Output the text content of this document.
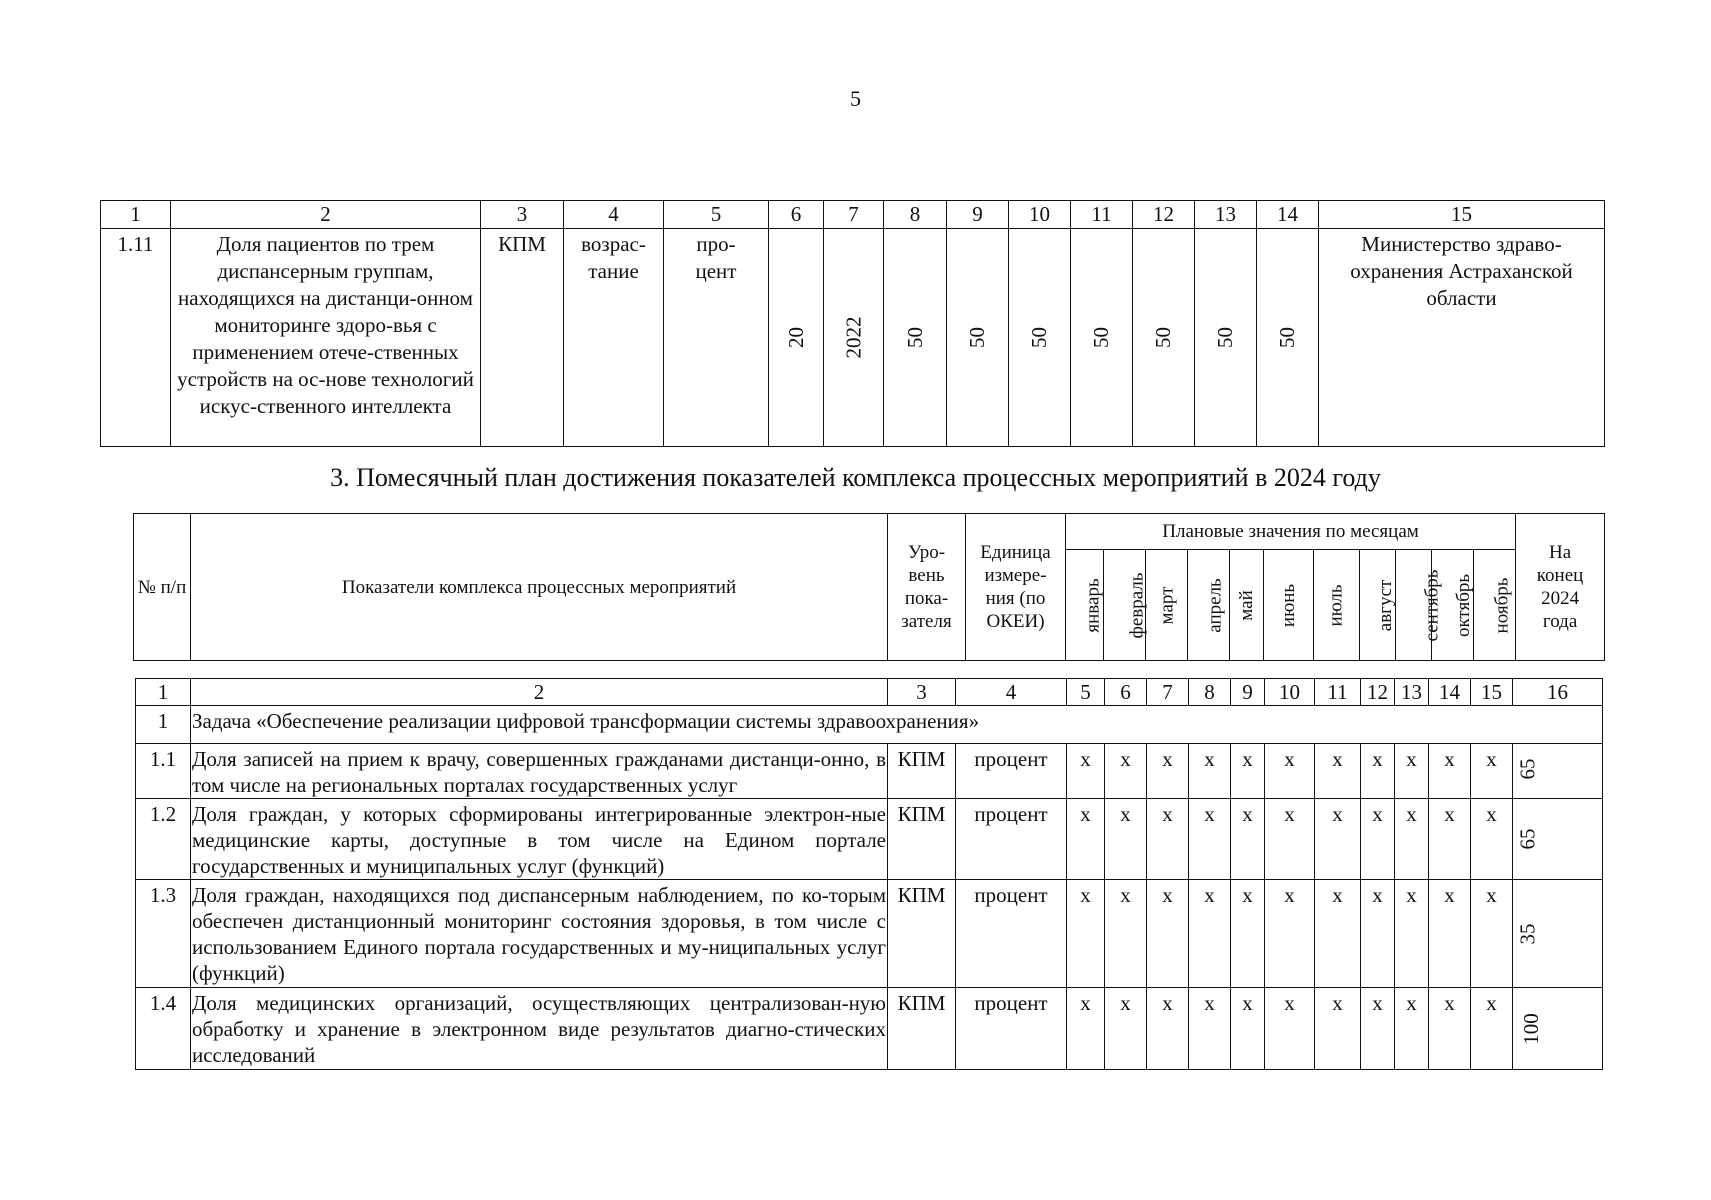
5
1	2	3	4	5	6	7	8	9	10	11	12	13	14	15
1.11	Доля пациентов по трем диспансерным группам, находящихся на дистанци-онном мониторинге здоро-вья с применением отече-ственных устройств на ос-нове технологий искус-ственного интеллекта	КПМ	возрас-тание	про-цент	20	2022	50	50	50	50	50	50	50	Министерство здраво-охранения Астраханской области
3. Помесячный план достижения показателей комплекса процессных мероприятий в 2024 году
№ п/п	Показатели комплекса процессных мероприятий	Уро-вень пока-зателя	Единица измере-ния (по ОКЕИ)	Плановые значения по месяцам											На конец 2024 года
				январь	февраль	март	апрель	май	июнь	июль	август	сентябрь	октябрь	ноябрь	
1	2	3	4	5	6	7	8	9	10	11	12	13	14	15	16
1	Задача «Обеспечение реализации цифровой трансформации системы здравоохранения»														
1.1	Доля записей на прием к врачу, совершенных гражданами дистанци-онно, в том числе на региональных порталах государственных услуг	КПМ	процент	x	x	x	x	x	x	x	x	x	x	x	65
1.2	Доля граждан, у которых сформированы интегрированные электрон-ные медицинские карты, доступные в том числе на Едином портале государственных и муниципальных услуг (функций)	КПМ	процент	x	x	x	x	x	x	x	x	x	x	x	65
1.3	Доля граждан, находящихся под диспансерным наблюдением, по ко-торым обеспечен дистанционный мониторинг состояния здоровья, в том числе с использованием Единого портала государственных и му-ниципальных услуг (функций)	КПМ	процент	x	x	x	x	x	x	x	x	x	x	x	35
1.4	Доля медицинских организаций, осуществляющих централизован-ную обработку и хранение в электронном виде результатов диагно-стических исследований	КПМ	процент	x	x	x	x	x	x	x	x	x	x	x	100
